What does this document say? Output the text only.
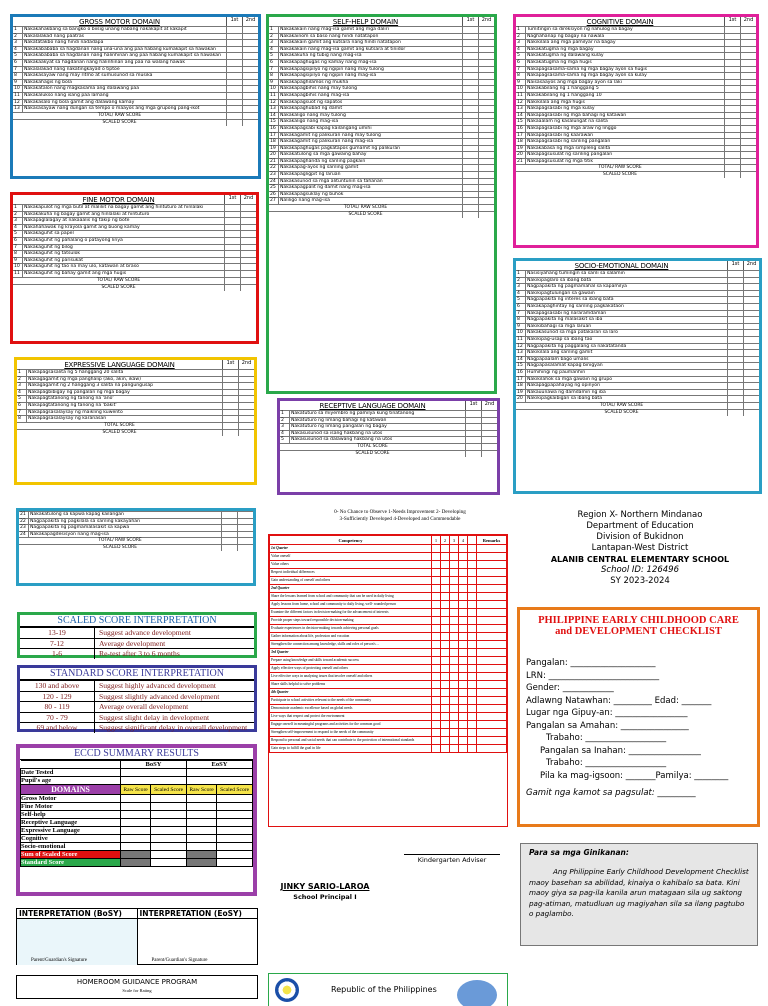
GROSS MOTOR DOMAIN	1st	2nd
1	Nakakahakbang sa bangko o biisig unang habang nakakapit at kakapit
2	Nakalalakad nang paatras
3	Nakatatakbo nang hindi nadadapa
4	Nakakabababa sa hagdanan nang una-una ang paa habang kumakapit sa hawakan
5	Nakakabababa sa hagdanan nang halinhinan ang paa habang kumakapit sa hawakan
6	Nakakaakyat sa hagdanan nang halinhinan ang paa na walang hawak
7	Nakalalakad nang nakatingkayad o tiptoe
8	Nakakasayaw nang may ritmo at sumusunod sa musika
9	Nakakahagis ng bola
10 Nakakatalon nang magkasama ang dalawang paa
11 Nakakalukso nang isang paa lamang
12 Nakakasalo ng bola gamit ang dalawang kamay
13 Nakasasayaw nang dungan sa tempo o maayos ang mga grupong pang-ikot
TOTAL/ RAW SCORE
SCALED SCORE
FINE MOTOR DOMAIN	1st	2nd
1	Nakakapulot ng mga butil at maliliit na bagay gamit ang hintuturo at hinlalaki
2	Nakakakuha ng bagay gamit ang hinlalaki at hintuturo
3	Nakapaglalagay at nakaaalis ng takip ng bote
4	Nakahahawak ng krayola gamit ang buong kamay
5	Nakakaguhit sa papel
6	Nakakaguhit ng pahalang o patayong linya
7	Nakakaguhit ng bilog
8	Nakakaguhit ng tatsulok
9	Nakakaguhit ng parisukat
10 Nakakaguhit ng tao na may ulo, katawan at braso
11 Nakakaguhit ng bahay gamit ang mga hugis
TOTAL/ RAW SCORE
SCALED SCORE
EXPRESSIVE LANGUAGE DOMAIN	1st	2nd
1	Nakapagsasalita ng 5 hanggang 20 salita
2	Nakagagamit ng mga panghalip (ako, akin, ikaw)
3	Nakagagamit ng 2 hanggang 3 salita na pangungusap
4	Nakapagbibigay ng pangalan ng mga bagay
5	Nakapagtatanong ng tanong na 'ano'
6	Nakapagtatanong ng tanong na 'bakit'
7	Nakapagsasalaysay ng maikling kuwento
8	Nakapagsasalaysay ng karanasan
TOTAL SCORE
SCALED SCORE
SELF-HELP DOMAIN	1st	2nd
1	Nakakakain nang mag-isa gamit ang mga daliri
2	Nakakainom sa baso nang hindi natatapon
3	Nakakakain gamit ang kutsara nang hindi natatapon
4	Nakakakain nang mag-isa gamit ang kutsara at tinidor
5	Nakakakuha ng tubig nang mag-isa
6	Nakakapaghugas ng kamay nang mag-isa
7	Nakakapagsipilyo ng ngipin nang may tulong
8	Nakakapagsipilyo ng ngipin nang mag-isa
9	Nakakapaghilamos ng mukha
10 Nakakapagbihis nang may tulong
11 Nakakapagbihis nang mag-isa
12 Nakakapagsuot ng sapatos
13 Nakakapaghubad ng damit
14 Nakakaligo nang may tulong
15 Nakakaligo nang mag-isa
16 Nakakapagsabi kapag kailangang umihi
17 Nakakagamit ng palikuran nang may tulong
18 Nakakagamit ng palikuran nang mag-isa
19 Nakakapaghugas pagkatapos gumamit ng palikuran
20 Nakakatulong sa mga gawaing bahay
21 Nakakapaghanda ng sariling pagkain
22 Nakakapag-ayos ng sariling gamit
23 Nakakapagligpit ng laruan
24 Nakakasunod sa mga alituntunin sa tahanan
25 Nakakapagpalit ng damit nang mag-isa
26 Nakakapagsuklay ng buhok
27 Naliligo nang mag-isa
TOTAL/ RAW SCORE
SCALED SCORE
RECEPTIVE LANGUAGE DOMAIN	1st	2nd
1	Nakatuturo sa miyembro ng pamilya kung tinatanong
2	Nakatuturo ng limang bahagi ng katawan
3	Nakatuturo ng limang pangalan ng bagay
4	Nakasusunod sa isang hakbang na utos
5	Nakasusunod sa dalawang hakbang na utos
TOTAL SCORE
SCALED SCORE
COGNITIVE DOMAIN	1st	2nd
1	Tumitingin sa direksiyon ng nahulog na bagay
2	Naghahanap ng bagay na nawala
3	Nakikilala ang mga pamilyar na bagay
4	Nakakatugma ng mga bagay
5	Nakakatugma ng dalawang kulay
6	Nakakatugma ng mga hugis
7	Nakapagsasama-sama ng mga bagay ayon sa hugis
8	Nakapagsasama-sama ng mga bagay ayon sa kulay
9	Naisasaayos ang mga bagay ayon sa laki
10 Nakakabilang ng 1 hanggang 5
11 Nakakabilang ng 1 hanggang 10
12 Nakikilala ang mga hugis
13 Nakapagsasabi ng mga kulay
14 Nakapagsasabi ng mga bahagi ng katawan
15 Nakaaalam ng kasalungat na salita
16 Nakapagsasabi ng mga araw ng linggo
17 Nakapagsasabi ng kaarawan
18 Nakapagsasabi ng sariling pangalan
19 Nakakabasa ng mga simpleng salita
20 Nakapagsusulat ng sariling pangalan
21 Nakapagsusulat ng mga titik
TOTAL/ RAW SCORE
SCALED SCORE
SOCIO-EMOTIONAL DOMAIN	1st	2nd
1	Nasisiyahang tumingin sa sarili sa salamin
2	Nakikipaglaro sa ibang bata
3	Nagpapakita ng pagmamahal sa kapamilya
4	Nakikipagtulungan sa gawain
5	Nagpapakita ng interes sa ibang bata
6	Nakakapaghintay ng sariling pagkakataon
7	Nakapagsasabi ng nararamdaman
8	Nagpapakita ng malasakit sa iba
9	Nakikibahagi sa mga laruan
10 Nakakasunod sa mga patakaran sa laro
11 Nakikipag-usap sa ibang tao
12 Nagpapakita ng paggalang sa nakatatanda
13 Nakikilala ang sariling gamit
14 Nagpapaalam bago umalis
15 Nagpapasalamat kapag binigyan
16 Humihingi ng paumanhin
17 Nakikilahok sa mga gawain ng grupo
18 Nakapagpapahayag ng opinyon
19 Nakauunawa ng damdamin ng iba
20 Nakikipagkaibigan sa ibang bata
TOTAL/ RAW SCORE
SCALED SCORE
21 Nakakatulong sa kapwa kapag kailangan
22 Nagpapakita ng pagkilala sa sariling kakayahan
23 Nagpapakita ng pagmamalasakit sa kapwa
24 Nakakapagdesisyon nang mag-isa
TOTAL/ RAW SCORE
SCALED SCORE
SCALED SCORE INTERPRETATION
13-19	Suggest advance development
7-12	Average development
1-6	Re-test after 3 to 6 months
STANDARD SCORE INTERPRETATION
130 and above	Suggest highly advanced development
120 - 129	Suggest slightly advanced development
80 - 119	Average overall development
70 - 79	Suggest slight delay in development
69 and below	Suggest significant delay in overall development
ECCD SUMMARY RESULTS
	BoSY		EoSY	
Date Tested				
Pupil's age				
DOMAINS	Raw Score	Scaled Score	Raw Score	Scaled Score
Gross Motor				
Fine Motor				
Self-help				
Receptive Language				
Expressive Language				
Cognitive				
Socio-emotional				
Sum of Scaled Score				
Standard Score				
INTERPRETATION (BoSY)	INTERPRETATION (EoSY)
Parent/Guardian's Signature	Parent/Guardian's Signature
HOMEROOM GUIDANCE PROGRAM
Scale for Rating
0- No Chance to Observe 1-Needs Improvement 2- Developing
3-Sufficiently Developed 4-Developed and Commendable
Competency	1	2	3	4		Remarks
1st Quarter						
Value oneself						
Value others						
Respect individual differences						
Gain understanding of oneself and others						
2nd Quarter						
Share the lessons learned from school and community that can be used in daily living						
Apply lessons from home, school and community to daily living, well- rounded person						
Examine the different factors in decision-making for the advancement of interests						
Provide proper steps toward responsible decision-making						
Evaluate experiences in decision-making towards achieving personal goals						
Gather information about life, profession and vocation						
Strengthen the connection among knowledge, skills and roles of person's ...						
3rd Quarter						
Prepare using knowledge and skills toward academic success						
Apply effective ways of protecting oneself and others						
Live effective ways in analyzing issues that involve oneself and others						
Share skills helpful to solve problems						
4th Quarter						
Participate in school activities relevant to the needs of the community						
Demonstrate academic excellence based on global needs						
Live ways that respect and protect the environment						
Engage oneself in meaningful programs and activities for the common good						
Strengthen self-improvement to respond to the needs of the community						
Respond to personal and social needs that can contribute to the protection of international standards						
Gain steps to fulfill the goal in life						
Kindergarten Adviser
JINKY SARIO-LAROA
School Principal I
Republic of the Philippines
Region X- Northern Mindanao
Department of Education
Division of Bukidnon
Lantapan-West District
ALANIB CENTRAL ELEMENTARY SCHOOL
School ID: 126496
SY 2023-2024
PHILIPPINE EARLY CHILDHOOD CARE and DEVELOPMENT CHECKLIST
Pangalan: ____________________
LRN: __________________________
Gender: ____________
Adlawng Natawhan: _________ Edad: _______
Lugar nga Gipuy-an: _________________
Pangalan sa Amahan: ________________
Trabaho: ___________________
Pangalan sa Inahan: _________________
Trabaho: ___________________
Pila ka mag-igsoon: _______Pamilya: ________
Gamit nga kamot sa pagsulat: _________
Para sa mga Ginikanan:
Ang Philippine Early Childhood Development Checklist maoy basehan sa abilidad, kinaiya o kahibalo sa bata. Kini maoy giya sa pag-ila kanila arun matagaan sila ug saktong pag-atiman, matudluan ug magiyahan sila sa ilang pagtubo o paglambo.
